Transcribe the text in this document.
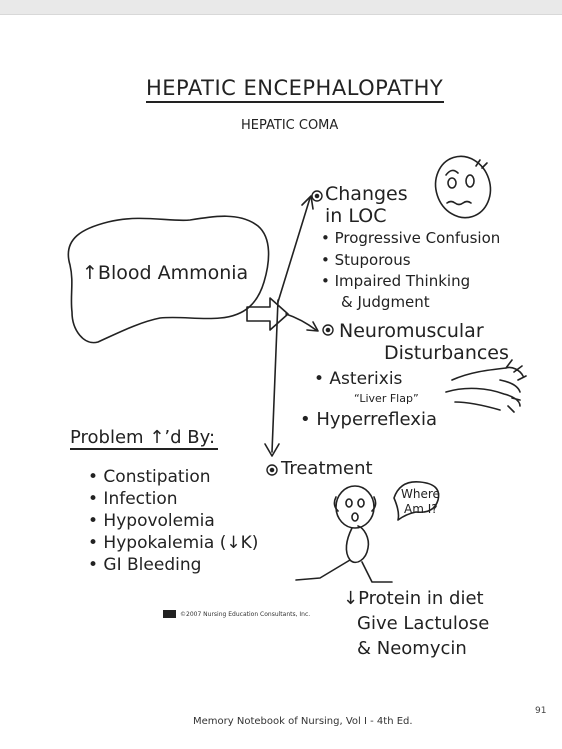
HEPATIC ENCEPHALOPATHY
HEPATIC COMA
↑Blood Ammonia
Changes
in LOC
• Progressive Confusion
• Stuporous
• Impaired Thinking
& Judgment
Neuromuscular
Disturbances
• Asterixis
“Liver Flap”
• Hyperreflexia
Treatment
Where
Am I?
↓Protein in diet
Give Lactulose
& Neomycin
Problem ↑’d By:
• Constipation
• Infection
• Hypovolemia
• Hypokalemia (↓K)
• GI Bleeding
©2007 Nursing Education Consultants, Inc.
Memory Notebook of Nursing, Vol I - 4th Ed.
91
